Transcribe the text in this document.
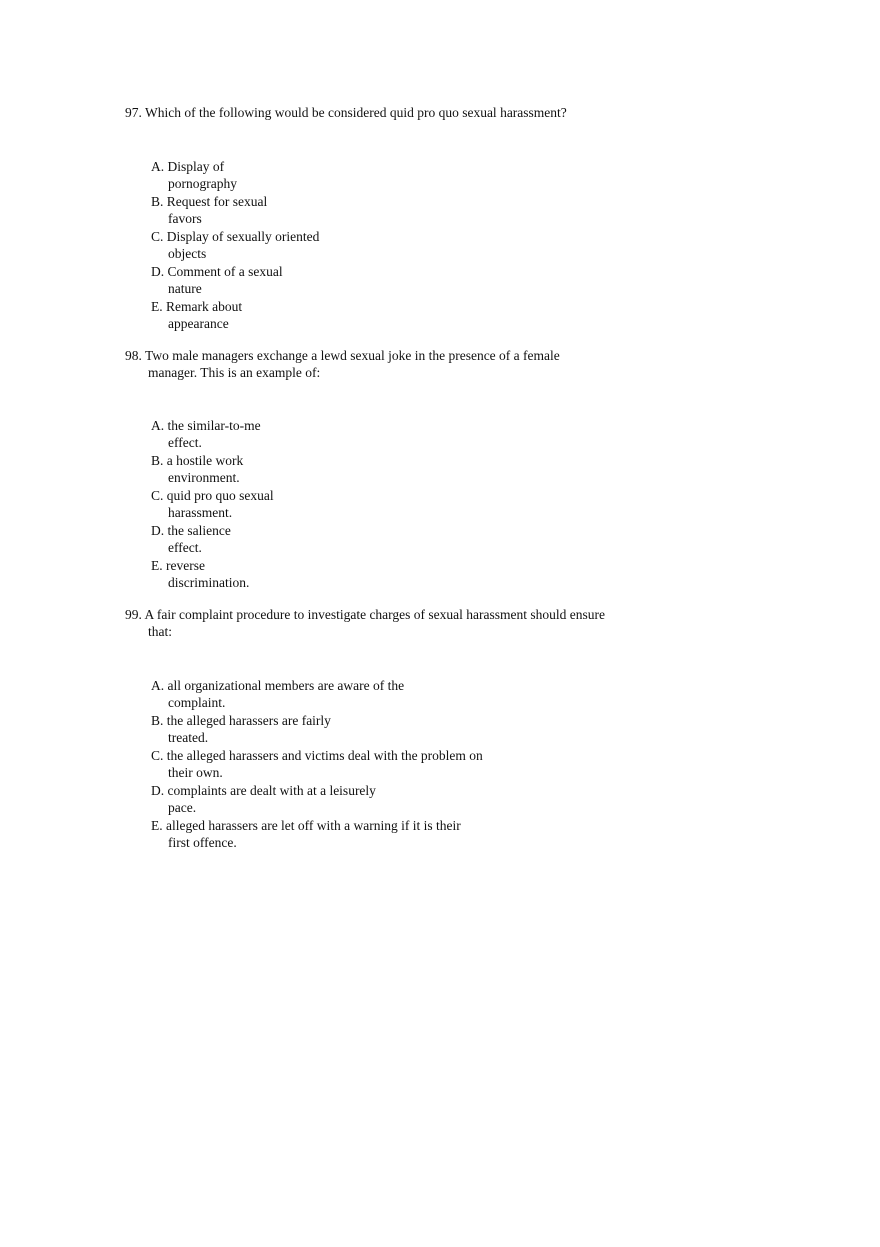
97. Which of the following would be considered quid pro quo sexual harassment?
A. Display of
pornography
B. Request for sexual
favors
C. Display of sexually oriented
objects
D. Comment of a sexual
nature
E. Remark about
appearance
98. Two male managers exchange a lewd sexual joke in the presence of a female
manager. This is an example of:
A. the similar-to-me
effect.
B. a hostile work
environment.
C. quid pro quo sexual
harassment.
D. the salience
effect.
E. reverse
discrimination.
99. A fair complaint procedure to investigate charges of sexual harassment should ensure
that:
A. all organizational members are aware of the
complaint.
B. the alleged harassers are fairly
treated.
C. the alleged harassers and victims deal with the problem on
their own.
D. complaints are dealt with at a leisurely
pace.
E. alleged harassers are let off with a warning if it is their
first offence.
